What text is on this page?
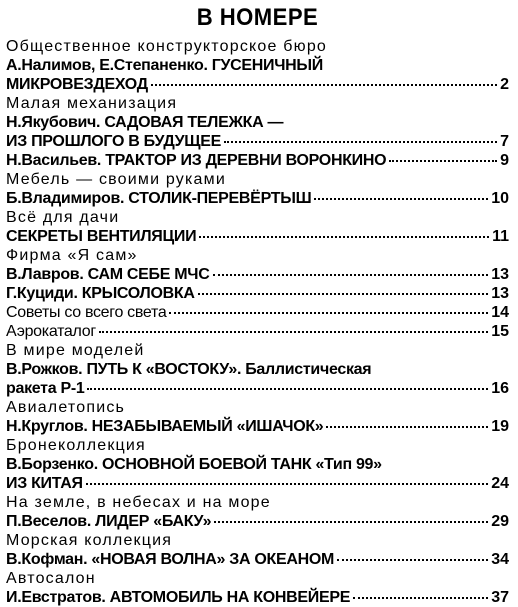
В НОМЕРЕ
Общественное конструкторское бюро
А.Налимов, Е.Степаненко. ГУСЕНИЧНЫЙ
МИКРОВЕЗДЕХОД	2
Малая механизация
Н.Якубович. САДОВАЯ ТЕЛЕЖКА —
ИЗ ПРОШЛОГО В БУДУЩЕЕ	7
Н.Васильев. ТРАКТОР ИЗ ДЕРЕВНИ ВОРОНКИНО	9
Мебель — своими руками
Б.Владимиров. СТОЛИК-ПЕРЕВЁРТЫШ	10
Всё для дачи
СЕКРЕТЫ ВЕНТИЛЯЦИИ	11
Фирма «Я сам»
В.Лавров. САМ СЕБЕ МЧС	13
Г.Куциди. КРЫСОЛОВКА	13
Советы со всего света	14
Аэрокаталог	15
В мире моделей
В.Рожков. ПУТЬ К «ВОСТОКУ». Баллистическая
ракета Р-1	16
Авиалетопись
Н.Круглов. НЕЗАБЫВАЕМЫЙ «ИШАЧОК»	19
Бронеколлекция
В.Борзенко. ОСНОВНОЙ БОЕВОЙ ТАНК «Тип 99»
ИЗ КИТАЯ	24
На земле, в небесах и на море
П.Веселов. ЛИДЕР «БАКУ»	29
Морская коллекция
В.Кофман. «НОВАЯ ВОЛНА» ЗА ОКЕАНОМ	34
Автосалон
И.Евстратов. АВТОМОБИЛЬ НА КОНВЕЙЕРЕ	37
